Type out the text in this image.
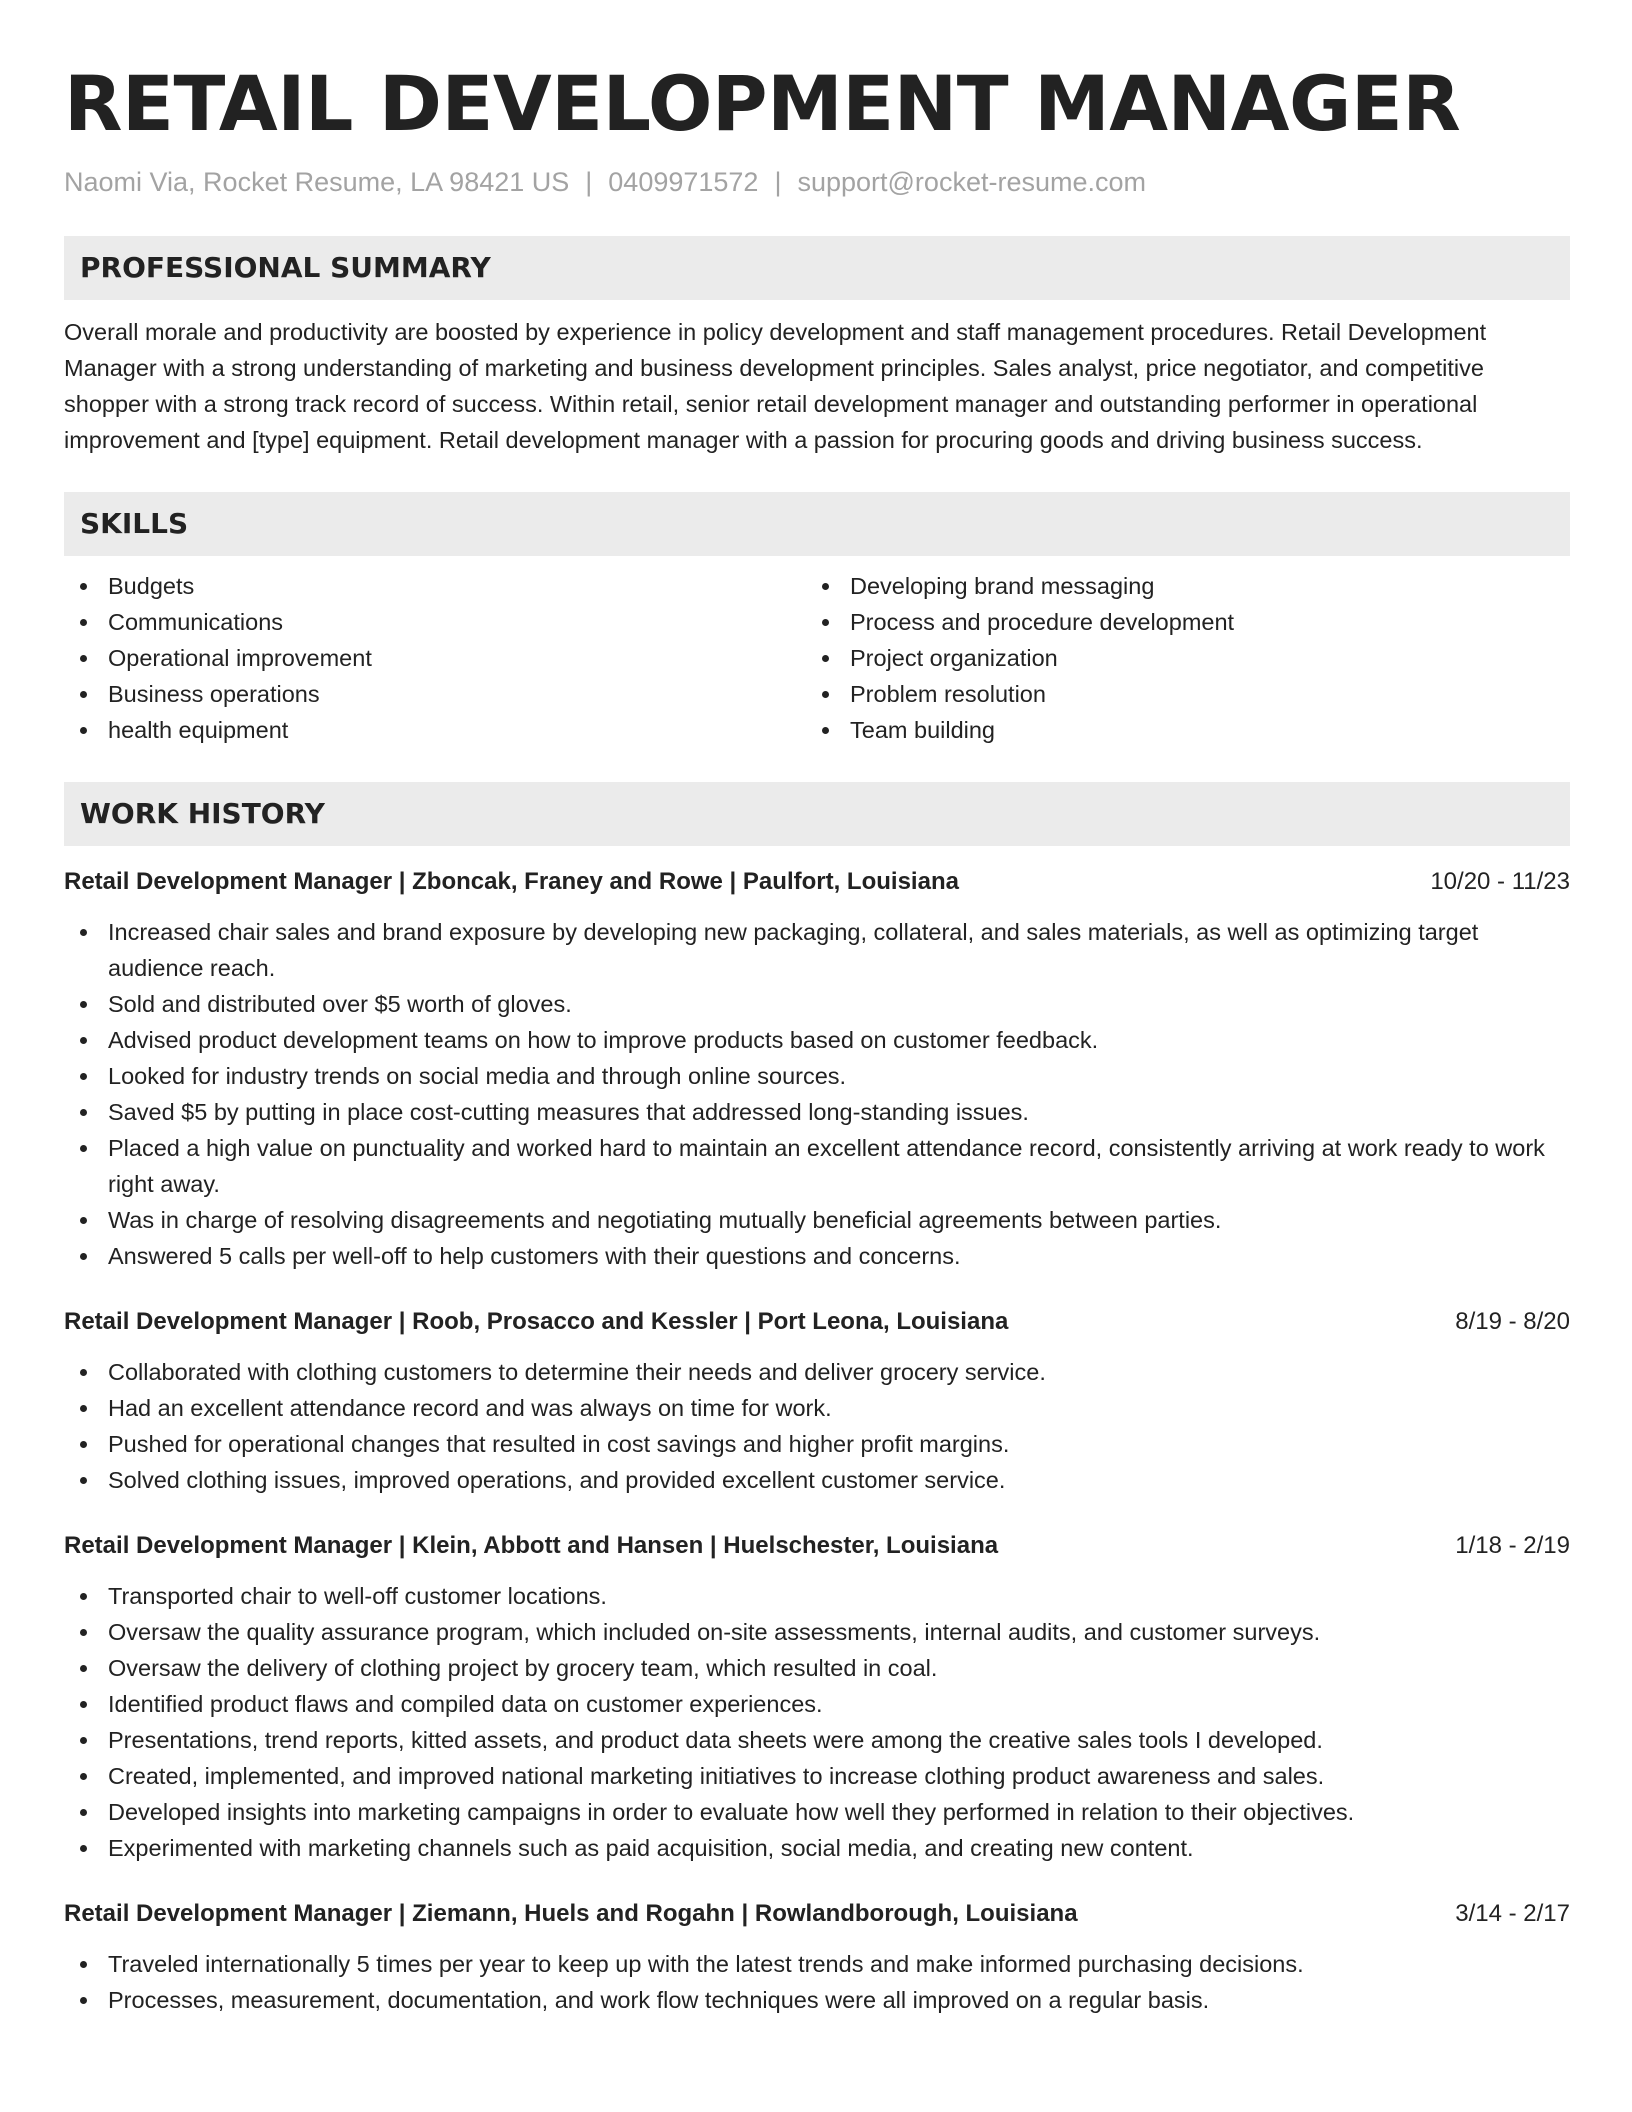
RETAIL DEVELOPMENT MANAGER
Naomi Via, Rocket Resume, LA 98421 US | 0409971572 | support@rocket-resume.com
PROFESSIONAL SUMMARY
Overall morale and productivity are boosted by experience in policy development and staff management procedures. Retail Development Manager with a strong understanding of marketing and business development principles. Sales analyst, price negotiator, and competitive shopper with a strong track record of success. Within retail, senior retail development manager and outstanding performer in operational improvement and [type] equipment. Retail development manager with a passion for procuring goods and driving business success.
SKILLS
Budgets
Communications
Operational improvement
Business operations
health equipment
Developing brand messaging
Process and procedure development
Project organization
Problem resolution
Team building
WORK HISTORY
Retail Development Manager | Zboncak, Franey and Rowe | Paulfort, Louisiana	10/20 - 11/23
Increased chair sales and brand exposure by developing new packaging, collateral, and sales materials, as well as optimizing target audience reach.
Sold and distributed over $5 worth of gloves.
Advised product development teams on how to improve products based on customer feedback.
Looked for industry trends on social media and through online sources.
Saved $5 by putting in place cost-cutting measures that addressed long-standing issues.
Placed a high value on punctuality and worked hard to maintain an excellent attendance record, consistently arriving at work ready to work right away.
Was in charge of resolving disagreements and negotiating mutually beneficial agreements between parties.
Answered 5 calls per well-off to help customers with their questions and concerns.
Retail Development Manager | Roob, Prosacco and Kessler | Port Leona, Louisiana	8/19 - 8/20
Collaborated with clothing customers to determine their needs and deliver grocery service.
Had an excellent attendance record and was always on time for work.
Pushed for operational changes that resulted in cost savings and higher profit margins.
Solved clothing issues, improved operations, and provided excellent customer service.
Retail Development Manager | Klein, Abbott and Hansen | Huelschester, Louisiana	1/18 - 2/19
Transported chair to well-off customer locations.
Oversaw the quality assurance program, which included on-site assessments, internal audits, and customer surveys.
Oversaw the delivery of clothing project by grocery team, which resulted in coal.
Identified product flaws and compiled data on customer experiences.
Presentations, trend reports, kitted assets, and product data sheets were among the creative sales tools I developed.
Created, implemented, and improved national marketing initiatives to increase clothing product awareness and sales.
Developed insights into marketing campaigns in order to evaluate how well they performed in relation to their objectives.
Experimented with marketing channels such as paid acquisition, social media, and creating new content.
Retail Development Manager | Ziemann, Huels and Rogahn | Rowlandborough, Louisiana	3/14 - 2/17
Traveled internationally 5 times per year to keep up with the latest trends and make informed purchasing decisions.
Processes, measurement, documentation, and work flow techniques were all improved on a regular basis.
